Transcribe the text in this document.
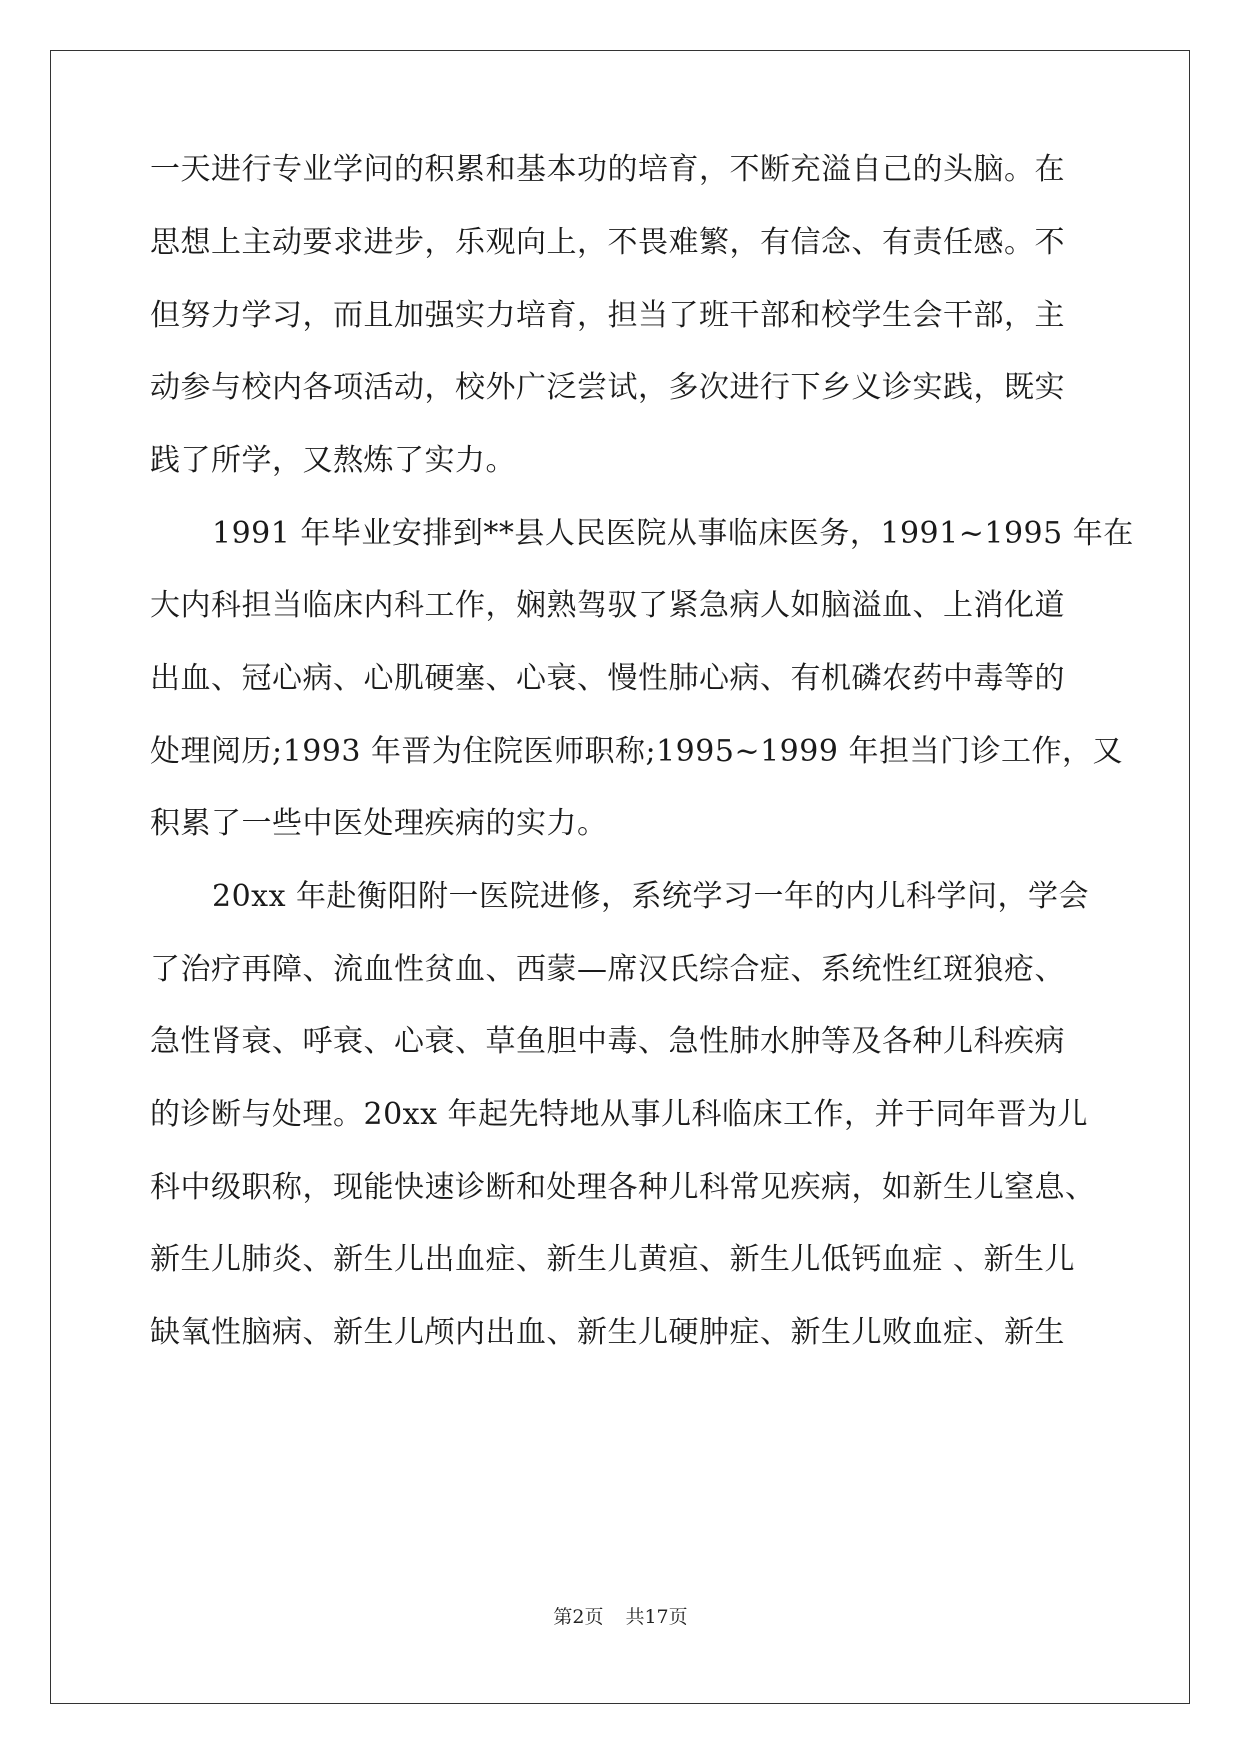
一天进行专业学问的积累和基本功的培育，不断充溢自己的头脑。在
思想上主动要求进步，乐观向上，不畏难繁，有信念、有责任感。不
但努力学习，而且加强实力培育，担当了班干部和校学生会干部，主
动参与校内各项活动，校外广泛尝试，多次进行下乡义诊实践，既实
践了所学，又熬炼了实力。
1991 年毕业安排到**县人民医院从事临床医务，1991~1995 年在
大内科担当临床内科工作，娴熟驾驭了紧急病人如脑溢血、上消化道
出血、冠心病、心肌硬塞、心衰、慢性肺心病、有机磷农药中毒等的
处理阅历;1993 年晋为住院医师职称;1995~1999 年担当门诊工作，又
积累了一些中医处理疾病的实力。
20xx 年赴衡阳附一医院进修，系统学习一年的内儿科学问，学会
了治疗再障、流血性贫血、西蒙—席汉氏综合症、系统性红斑狼疮、
急性肾衰、呼衰、心衰、草鱼胆中毒、急性肺水肿等及各种儿科疾病
的诊断与处理。20xx 年起先特地从事儿科临床工作，并于同年晋为儿
科中级职称，现能快速诊断和处理各种儿科常见疾病，如新生儿窒息、
新生儿肺炎、新生儿出血症、新生儿黄疸、新生儿低钙血症 、新生儿
缺氧性脑病、新生儿颅内出血、新生儿硬肿症、新生儿败血症、新生
第2页 共17页
